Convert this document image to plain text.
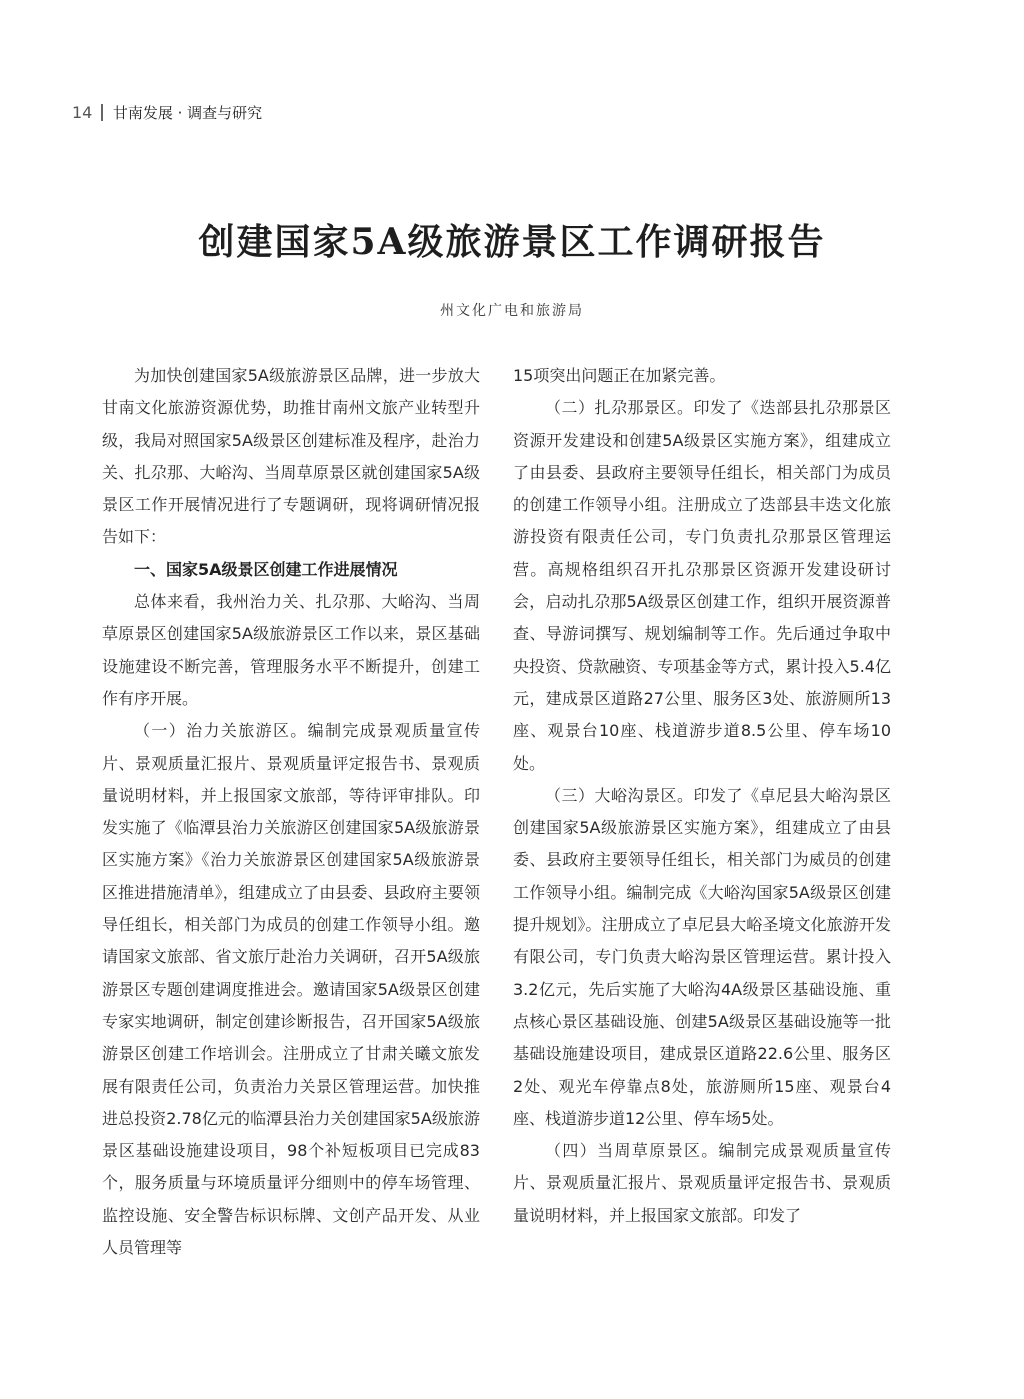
14 甘南发展 · 调查与研究
创建国家5A级旅游景区工作调研报告
州文化广电和旅游局

为加快创建国家5A级旅游景区品牌，进一步放大甘南文化旅游资源优势，助推甘南州文旅产业转型升级，我局对照国家5A级景区创建标准及程序，赴治力关、扎尕那、大峪沟、当周草原景区就创建国家5A级景区工作开展情况进行了专题调研，现将调研情况报告如下：

一、国家5A级景区创建工作进展情况

总体来看，我州治力关、扎尕那、大峪沟、当周草原景区创建国家5A级旅游景区工作以来，景区基础设施建设不断完善，管理服务水平不断提升，创建工作有序开展。

（一）治力关旅游区。编制完成景观质量宣传片、景观质量汇报片、景观质量评定报告书、景观质量说明材料，并上报国家文旅部，等待评审排队。印发实施了《临潭县治力关旅游区创建国家5A级旅游景区实施方案》《治力关旅游景区创建国家5A级旅游景区推进措施清单》，组建成立了由县委、县政府主要领导任组长，相关部门为成员的创建工作领导小组。邀请国家文旅部、省文旅厅赴治力关调研，召开5A级旅游景区专题创建调度推进会。邀请国家5A级景区创建专家实地调研，制定创建诊断报告，召开国家5A级旅游景区创建工作培训会。注册成立了甘肃关曦文旅发展有限责任公司，负责治力关景区管理运营。加快推进总投资2.78亿元的临潭县治力关创建国家5A级旅游景区基础设施建设项目，98个补短板项目已完成83个，服务质量与环境质量评分细则中的停车场管理、监控设施、安全警告标识标牌、文创产品开发、从业人员管理等

15项突出问题正在加紧完善。

（二）扎尕那景区。印发了《迭部县扎尕那景区资源开发建设和创建5A级景区实施方案》，组建成立了由县委、县政府主要领导任组长，相关部门为成员的创建工作领导小组。注册成立了迭部县丰迭文化旅游投资有限责任公司，专门负责扎尕那景区管理运营。高规格组织召开扎尕那景区资源开发建设研讨会，启动扎尕那5A级景区创建工作，组织开展资源普查、导游词撰写、规划编制等工作。先后通过争取中央投资、贷款融资、专项基金等方式，累计投入5.4亿元，建成景区道路27公里、服务区3处、旅游厕所13座、观景台10座、栈道游步道8.5公里、停车场10处。

（三）大峪沟景区。印发了《卓尼县大峪沟景区创建国家5A级旅游景区实施方案》，组建成立了由县委、县政府主要领导任组长，相关部门为威员的创建工作领导小组。编制完成《大峪沟国家5A级景区创建提升规划》。注册成立了卓尼县大峪圣境文化旅游开发有限公司，专门负责大峪沟景区管理运营。累计投入3.2亿元，先后实施了大峪沟4A级景区基础设施、重点核心景区基础设施、创建5A级景区基础设施等一批基础设施建设项目，建成景区道路22.6公里、服务区2处、观光车停靠点8处，旅游厕所15座、观景台4座、栈道游步道12公里、停车场5处。

（四）当周草原景区。编制完成景观质量宣传片、景观质量汇报片、景观质量评定报告书、景观质量说明材料，并上报国家文旅部。印发了
